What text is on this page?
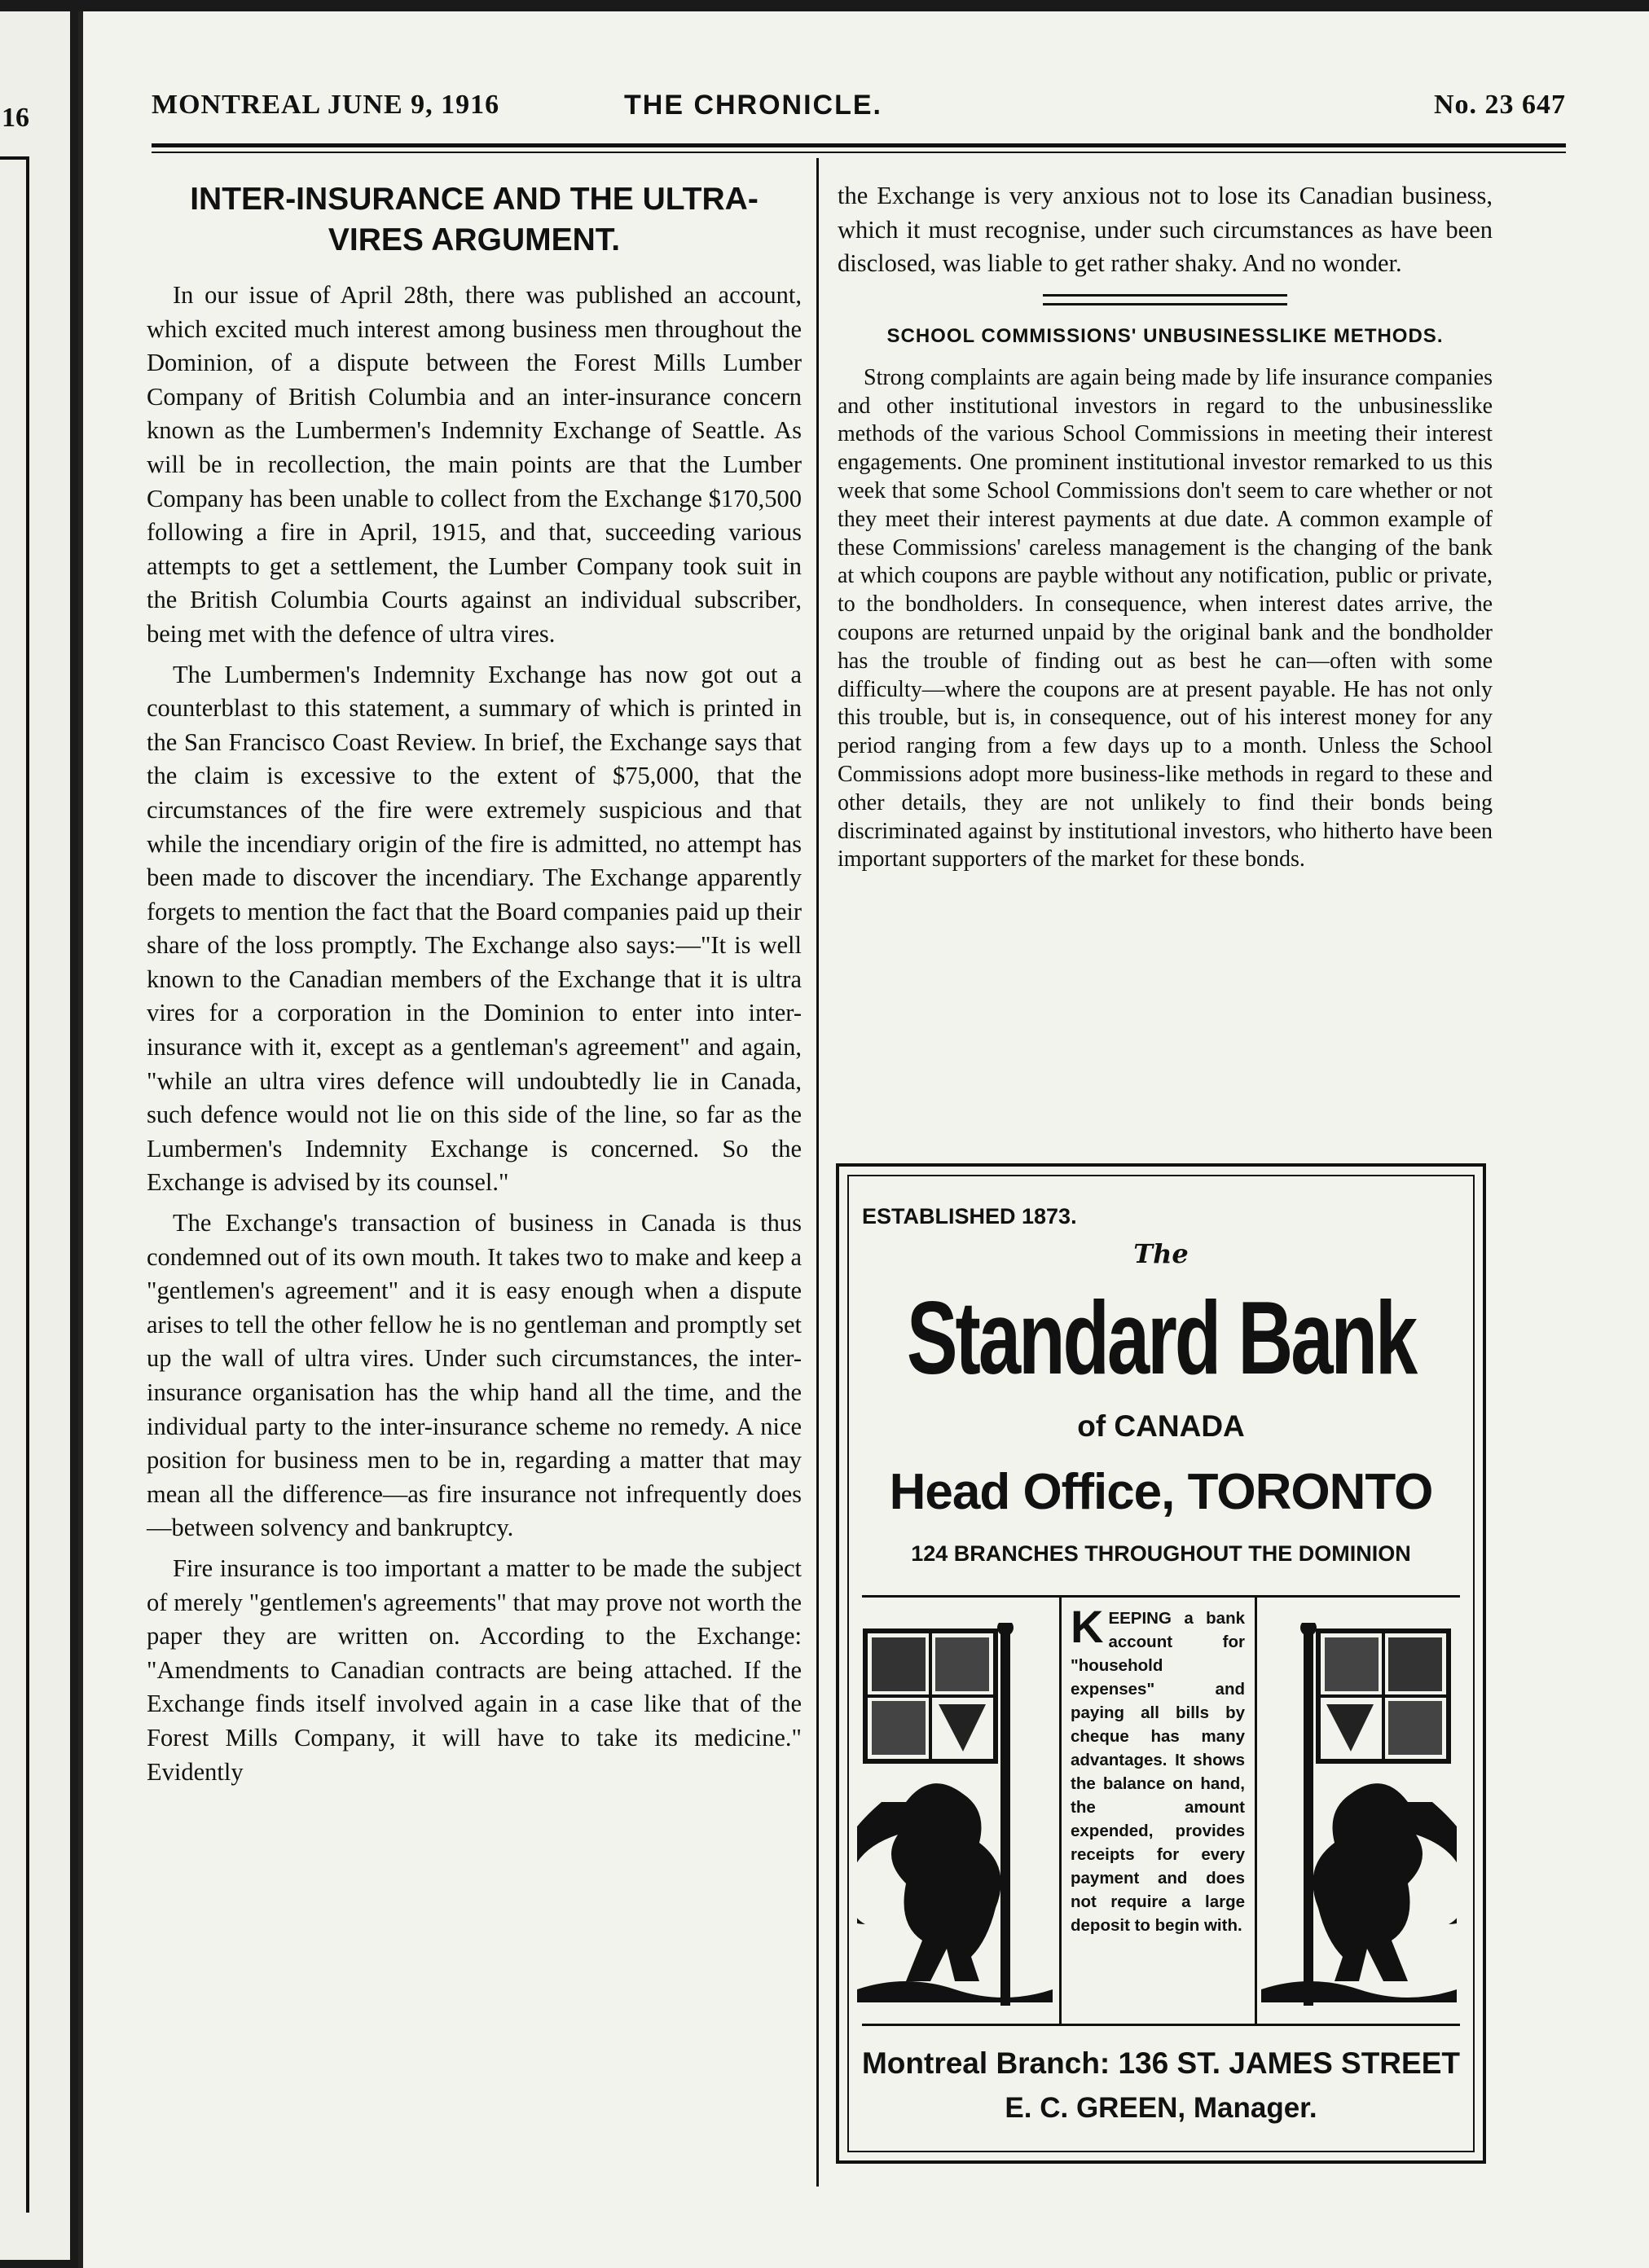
16	MONTREAL JUNE 9, 1916	THE CHRONICLE.	No. 23 647
INTER-INSURANCE AND THE ULTRA-VIRES ARGUMENT.

In our issue of April 28th, there was published an account, which excited much interest among business men throughout the Dominion, of a dispute between the Forest Mills Lumber Company of British Columbia and an inter-insurance concern known as the Lumbermen's Indemnity Exchange of Seattle. As will be in recollection, the main points are that the Lumber Company has been unable to collect from the Exchange $170,500 following a fire in April, 1915, and that, succeeding various attempts to get a settlement, the Lumber Company took suit in the British Columbia Courts against an individual subscriber, being met with the defence of ultra vires.

The Lumbermen's Indemnity Exchange has now got out a counterblast to this statement, a summary of which is printed in the San Francisco Coast Review. In brief, the Exchange says that the claim is excessive to the extent of $75,000, that the circumstances of the fire were extremely suspicious and that while the incendiary origin of the fire is admitted, no attempt has been made to discover the incendiary. The Exchange apparently forgets to mention the fact that the Board companies paid up their share of the loss promptly. The Exchange also says:—"It is well known to the Canadian members of the Exchange that it is ultra vires for a corporation in the Dominion to enter into inter-insurance with it, except as a gentleman's agreement" and again, "while an ultra vires defence will undoubtedly lie in Canada, such defence would not lie on this side of the line, so far as the Lumbermen's Indemnity Exchange is concerned. So the Exchange is advised by its counsel."

The Exchange's transaction of business in Canada is thus condemned out of its own mouth. It takes two to make and keep a "gentlemen's agreement" and it is easy enough when a dispute arises to tell the other fellow he is no gentleman and promptly set up the wall of ultra vires. Under such circumstances, the inter-insurance organisation has the whip hand all the time, and the individual party to the inter-insurance scheme no remedy. A nice position for business men to be in, regarding a matter that may mean all the difference—as fire insurance not infrequently does—between solvency and bankruptcy.

Fire insurance is too important a matter to be made the subject of merely "gentlemen's agreements" that may prove not worth the paper they are written on. According to the Exchange: "Amendments to Canadian contracts are being attached. If the Exchange finds itself involved again in a case like that of the Forest Mills Company, it will have to take its medicine." Evidently

the Exchange is very anxious not to lose its Canadian business, which it must recognise, under such circumstances as have been disclosed, was liable to get rather shaky. And no wonder.

SCHOOL COMMISSIONS' UNBUSINESSLIKE METHODS.

Strong complaints are again being made by life insurance companies and other institutional investors in regard to the unbusinesslike methods of the various School Commissions in meeting their interest engagements. One prominent institutional investor remarked to us this week that some School Commissions don't seem to care whether or not they meet their interest payments at due date. A common example of these Commissions' careless management is the changing of the bank at which coupons are payble without any notification, public or private, to the bondholders. In consequence, when interest dates arrive, the coupons are returned unpaid by the original bank and the bondholder has the trouble of finding out as best he can—often with some difficulty—where the coupons are at present payable. He has not only this trouble, but is, in consequence, out of his interest money for any period ranging from a few days up to a month. Unless the School Commissions adopt more business-like methods in regard to these and other details, they are not unlikely to find their bonds being discriminated against by institutional investors, who hitherto have been important supporters of the market for these bonds.

ESTABLISHED 1873.
The
Standard Bank
of CANADA
Head Office, TORONTO
124 BRANCHES THROUGHOUT THE DOMINION
KEEPING a bank account for "household expenses" and paying all bills by cheque has many advantages. It shows the balance on hand, the amount expended, provides receipts for every payment and does not require a large deposit to begin with.
Montreal Branch: 136 ST. JAMES STREET
E. C. GREEN, Manager.
